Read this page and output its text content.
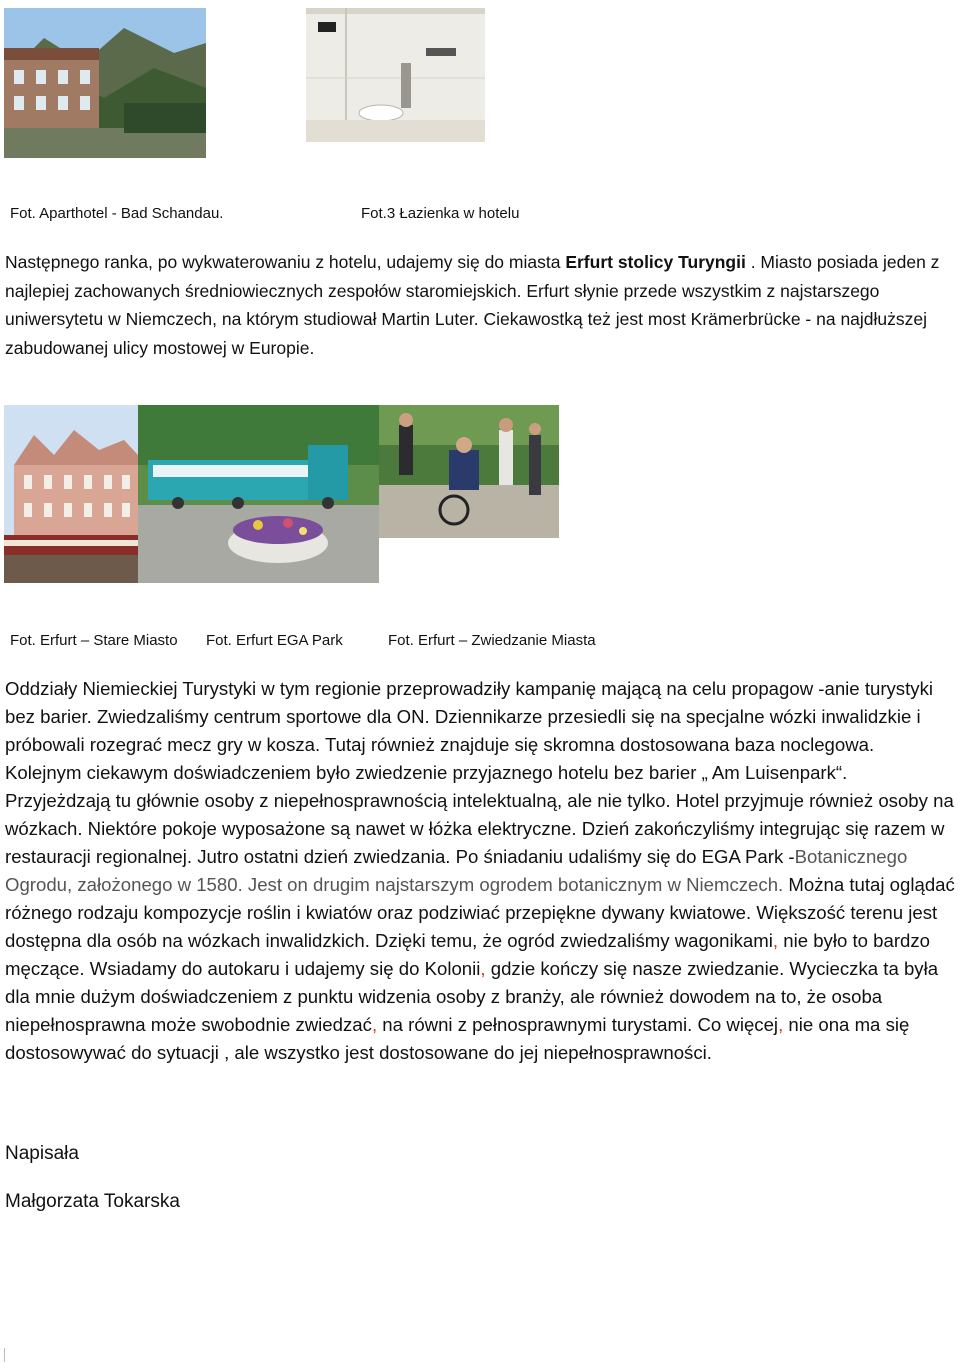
Fot. Aparthotel - Bad Schandau.	Fot.3 Łazienka w hotelu
Następnego ranka, po wykwaterowaniu z hotelu, udajemy się do miasta Erfurt stolicy Turyngii . Miasto posiada jeden z najlepiej zachowanych średniowiecznych zespołów staromiejskich. Erfurt słynie przede wszystkim z najstarszego uniwersytetu w Niemczech, na którym studiował Martin Luter. Ciekawostką też jest most Krämerbrücke - na najdłuższej zabudowanej ulicy mostowej w Europie.
Fot. Erfurt – Stare Miasto Fot. Erfurt EGA Park	Fot. Erfurt – Zwiedzanie Miasta
Oddziały Niemieckiej Turystyki w tym regionie przeprowadziły kampanię mającą na celu propagow -anie turystyki bez barier. Zwiedzaliśmy centrum sportowe dla ON. Dziennikarze przesiedli się na specjalne wózki inwalidzkie i próbowali rozegrać mecz gry w kosza. Tutaj również znajduje się skromna dostosowana baza noclegowa. Kolejnym ciekawym doświadczeniem było zwiedzenie przyjaznego hotelu bez barier „ Am Luisenpark“. Przyjeżdzają tu głównie osoby z niepełnosprawnością intelektualną, ale nie tylko. Hotel przyjmuje również osoby na wózkach. Niektóre pokoje wyposażone są nawet w łóżka elektryczne. Dzień zakończyliśmy integrując się razem w restauracji regionalnej. Jutro ostatni dzień zwiedzania. Po śniadaniu udaliśmy się do EGA Park -Botanicznego Ogrodu, założonego w 1580. Jest on drugim najstarszym ogrodem botanicznym w Niemczech. Można tutaj oglądać różnego rodzaju kompozycje roślin i kwiatów oraz podziwiać przepiękne dywany kwiatowe. Większość terenu jest dostępna dla osób na wózkach inwalidzkich. Dzięki temu, że ogród zwiedzaliśmy wagonikami, nie było to bardzo męczące. Wsiadamy do autokaru i udajemy się do Kolonii, gdzie kończy się nasze zwiedzanie. Wycieczka ta była dla mnie dużym doświadczeniem z punktu widzenia osoby z branży, ale również dowodem na to, że osoba niepełnosprawna może swobodnie zwiedzać, na równi z pełnosprawnymi turystami. Co więcej, nie ona ma się dostosowywać do sytuacji , ale wszystko jest dostosowane do jej niepełnosprawności.
Napisała
Małgorzata Tokarska
